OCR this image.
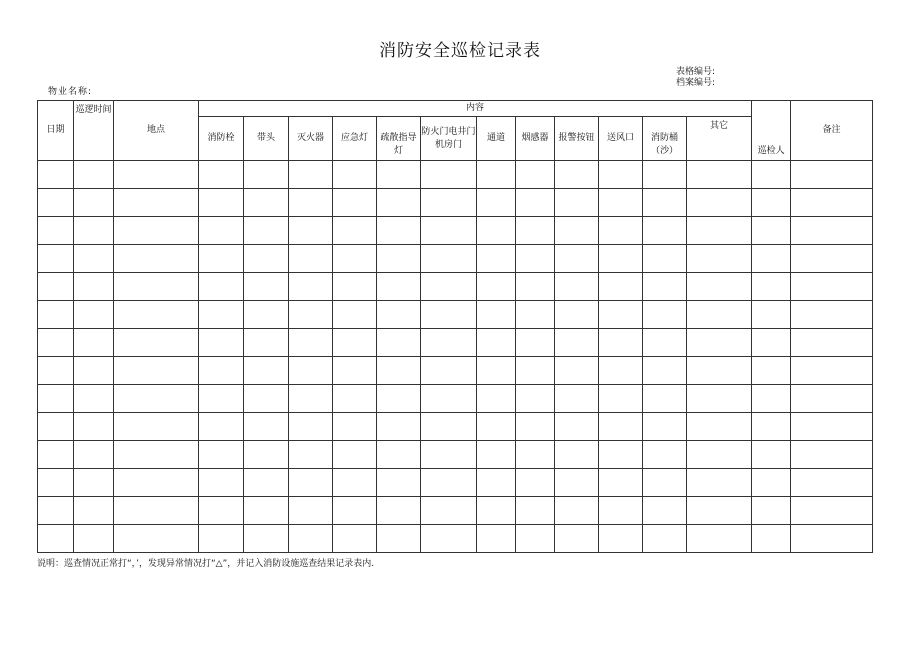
消防安全巡检记录表
表格编号:
档案编号:
物业名称:
日期	巡逻时间	地点	内容												巡检人	备注
			消防栓	带头	灭火器	应急灯	疏散指导灯	防火门电井门机房门	通道	烟感器	报警按钮	送风口	消防桶（沙）	其它		

说明：巡查情况正常打“，’，发现异常情况打“△”，并记入消防设施巡查结果记录表内.
